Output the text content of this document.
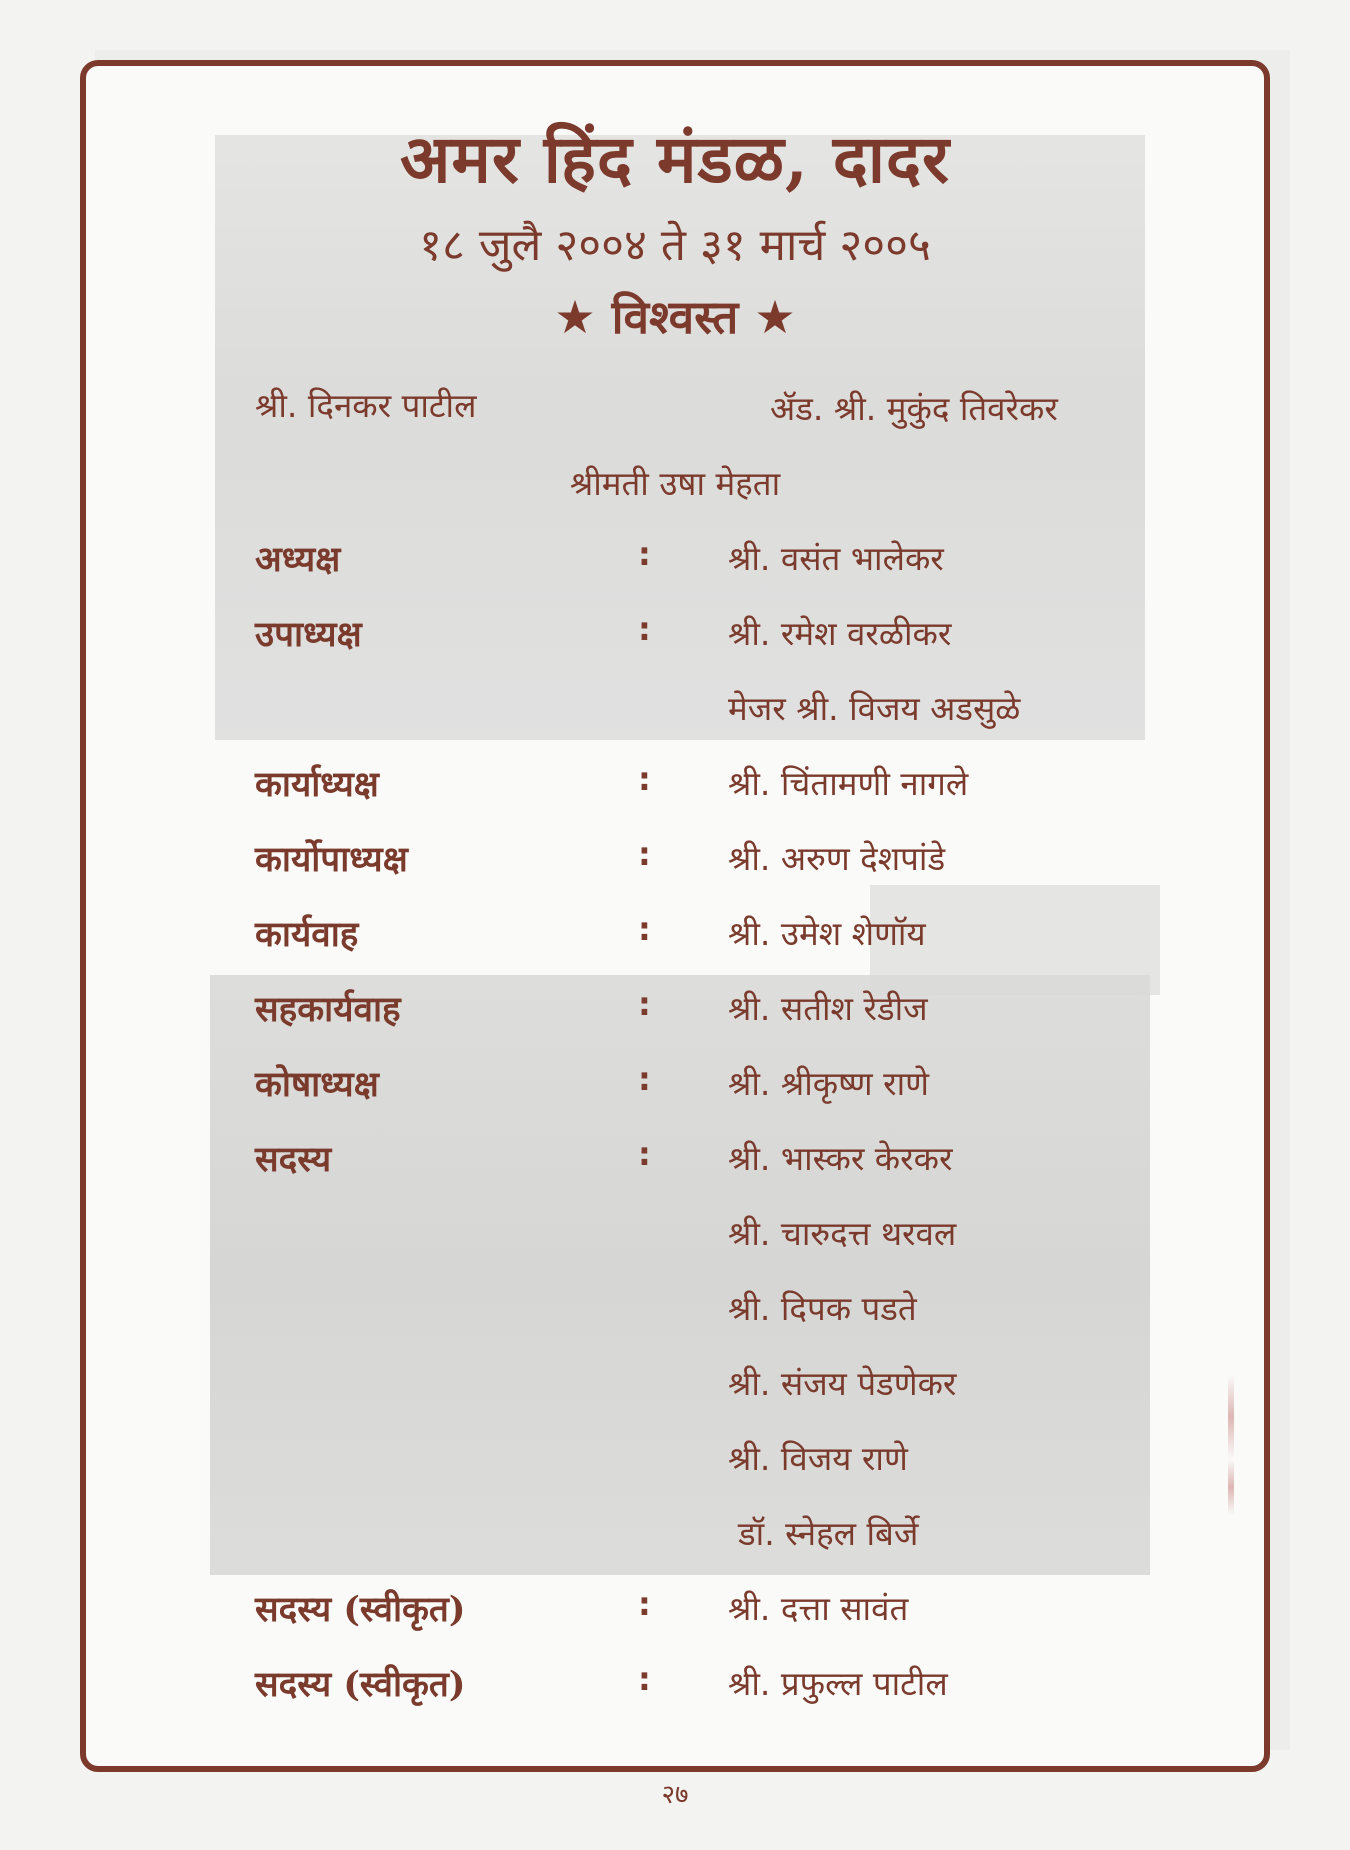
अमर हिंद मंडळ, दादर
१८ जुलै २००४ ते ३१ मार्च २००५
★ विश्वस्त ★
श्री. दिनकर पाटील	ॲड. श्री. मुकुंद तिवरेकर
श्रीमती उषा मेहता
अध्यक्ष	: श्री. वसंत भालेकर
उपाध्यक्ष	: श्री. रमेश वरळीकर
मेजर श्री. विजय अडसुळे
कार्याध्यक्ष	: श्री. चिंतामणी नागले
कार्योपाध्यक्ष	: श्री. अरुण देशपांडे
कार्यवाह	: श्री. उमेश शेणॉय
सहकार्यवाह	: श्री. सतीश रेडीज
कोषाध्यक्ष	: श्री. श्रीकृष्ण राणे
सदस्य	: श्री. भास्कर केरकर
श्री. चारुदत्त थरवल
श्री. दिपक पडते
श्री. संजय पेडणेकर
श्री. विजय राणे
डॉ. स्नेहल बिर्जे
सदस्य (स्वीकृत)	: श्री. दत्ता सावंत
सदस्य (स्वीकृत)	: श्री. प्रफुल्ल पाटील
२७
